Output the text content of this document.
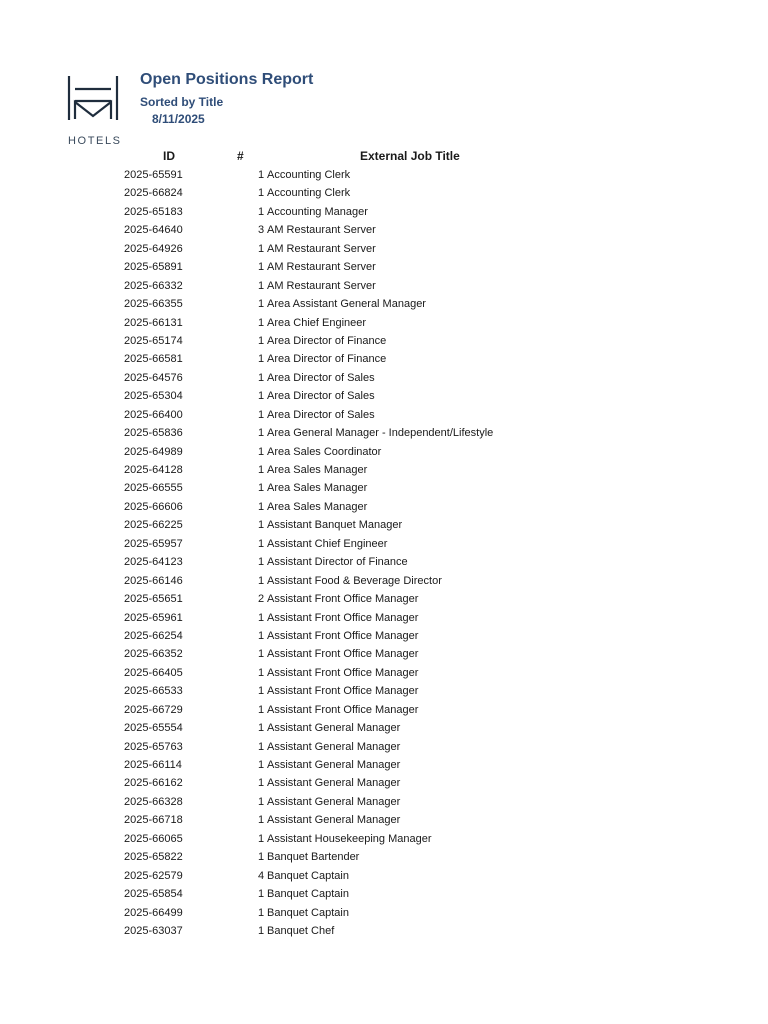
HOTELS
Open Positions Report
Sorted by Title
8/11/2025
ID	#	External Job Title
2025-65591	1 Accounting Clerk
2025-66824	1 Accounting Clerk
2025-65183	1 Accounting Manager
2025-64640	3 AM Restaurant Server
2025-64926	1 AM Restaurant Server
2025-65891	1 AM Restaurant Server
2025-66332	1 AM Restaurant Server
2025-66355	1 Area Assistant General Manager
2025-66131	1 Area Chief Engineer
2025-65174	1 Area Director of Finance
2025-66581	1 Area Director of Finance
2025-64576	1 Area Director of Sales
2025-65304	1 Area Director of Sales
2025-66400	1 Area Director of Sales
2025-65836	1 Area General Manager - Independent/Lifestyle
2025-64989	1 Area Sales Coordinator
2025-64128	1 Area Sales Manager
2025-66555	1 Area Sales Manager
2025-66606	1 Area Sales Manager
2025-66225	1 Assistant Banquet Manager
2025-65957	1 Assistant Chief Engineer
2025-64123	1 Assistant Director of Finance
2025-66146	1 Assistant Food & Beverage Director
2025-65651	2 Assistant Front Office Manager
2025-65961	1 Assistant Front Office Manager
2025-66254	1 Assistant Front Office Manager
2025-66352	1 Assistant Front Office Manager
2025-66405	1 Assistant Front Office Manager
2025-66533	1 Assistant Front Office Manager
2025-66729	1 Assistant Front Office Manager
2025-65554	1 Assistant General Manager
2025-65763	1 Assistant General Manager
2025-66114	1 Assistant General Manager
2025-66162	1 Assistant General Manager
2025-66328	1 Assistant General Manager
2025-66718	1 Assistant General Manager
2025-66065	1 Assistant Housekeeping Manager
2025-65822	1 Banquet Bartender
2025-62579	4 Banquet Captain
2025-65854	1 Banquet Captain
2025-66499	1 Banquet Captain
2025-63037	1 Banquet Chef
